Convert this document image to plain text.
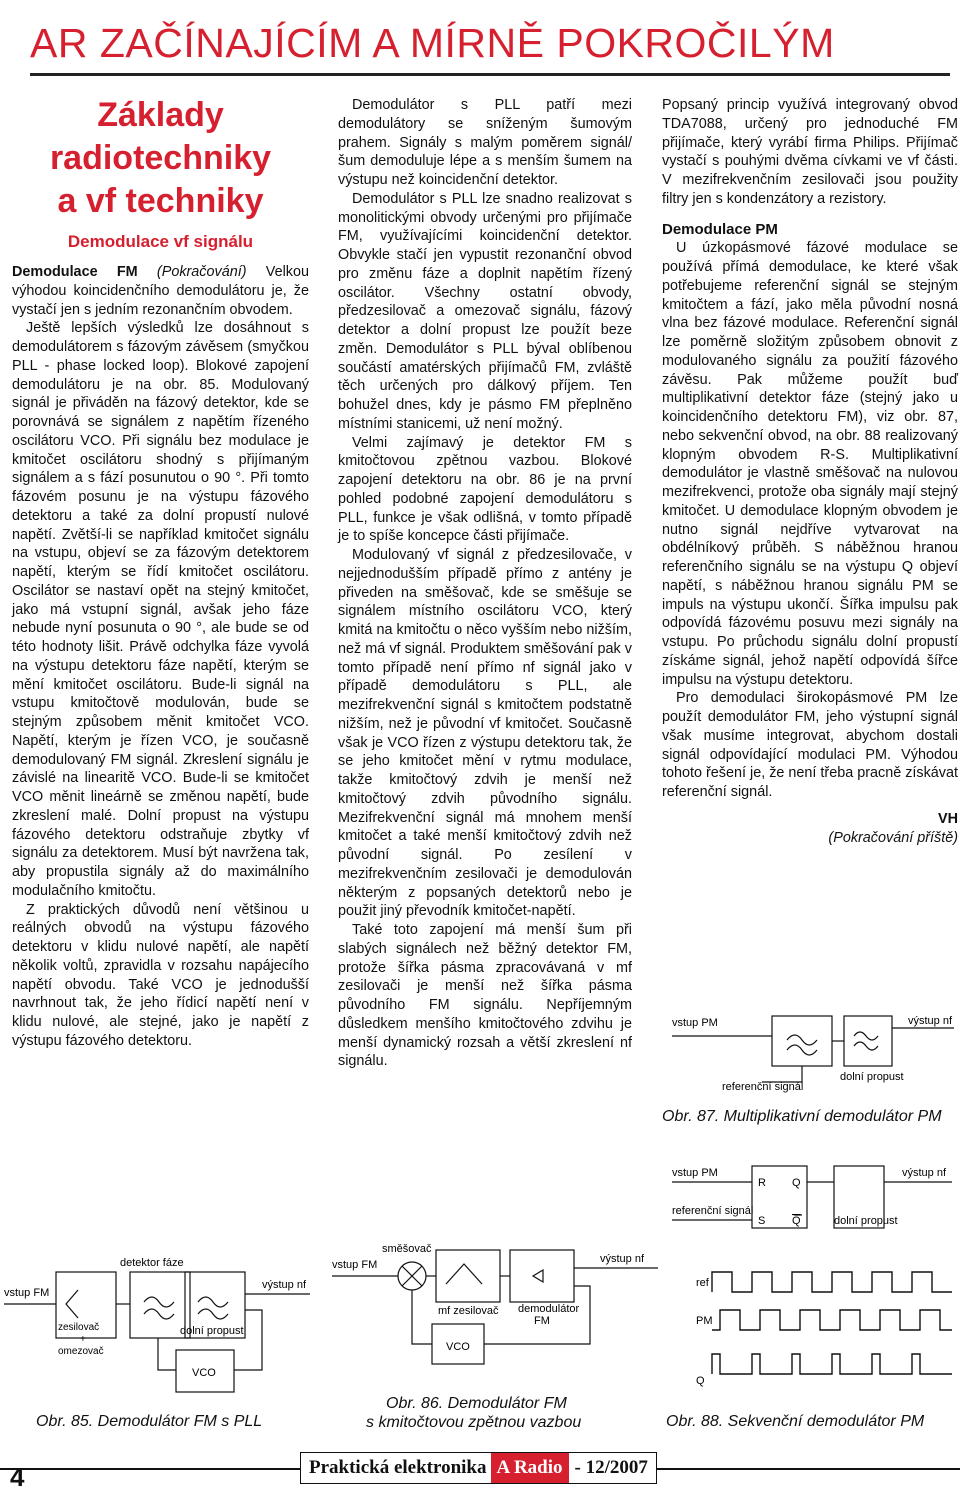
AR ZAČÍNAJÍCÍM A MÍRNĚ POKROČILÝM
Základy
radiotechniky
a vf techniky
Demodulace vf signálu

Demodulace FM (Pokračování) Velkou výhodou koincidenčního demodulátoru je, že vystačí jen s jedním rezonančním obvodem.

Ještě lepších výsledků lze dosáhnout s demodulátorem s fázovým závěsem (smyčkou PLL - phase locked loop). Blokové zapojení demodulátoru je na obr. 85. Modulovaný signál je přiváděn na fázový detektor, kde se porovnává se signálem z napětím řízeného oscilátoru VCO. Při signálu bez modulace je kmitočet oscilátoru shodný s přijímaným signálem a s fází posunutou o 90 °. Při tomto fázovém posunu je na výstupu fázového detektoru a také za dolní propustí nulové napětí. Zvětší-li se například kmitočet signálu na vstupu, objeví se za fázovým detektorem napětí, kterým se řídí kmitočet oscilátoru. Oscilátor se nastaví opět na stejný kmitočet, jako má vstupní signál, avšak jeho fáze nebude nyní posunuta o 90 °, ale bude se od této hodnoty lišit. Právě odchylka fáze vyvolá na výstupu detektoru fáze napětí, kterým se mění kmitočet oscilátoru. Bude-li signál na vstupu kmitočtově modulován, bude se stejným způsobem měnit kmitočet VCO. Napětí, kterým je řízen VCO, je současně demodulovaný FM signál. Zkreslení signálu je závislé na linearitě VCO. Bude-li se kmitočet VCO měnit lineárně se změnou napětí, bude zkreslení malé. Dolní propust na výstupu fázového detektoru odstraňuje zbytky vf signálu za detektorem. Musí být navržena tak, aby propustila signály až do maximálního modulačního kmitočtu.

Z praktických důvodů není většinou u reálných obvodů na výstupu fázového detektoru v klidu nulové napětí, ale napětí několik voltů, zpravidla v rozsahu napájecího napětí obvodu. Také VCO je jednodušší navrhnout tak, že jeho řídicí napětí není v klidu nulové, ale stejné, jako je napětí z výstupu fázového detektoru.

Demodulátor s PLL patří mezi demodulátory se sníženým šumovým prahem. Signály s malým poměrem signál/šum demoduluje lépe a s menším šumem na výstupu než koincidenční detektor.

Demodulátor s PLL lze snadno realizovat s monolitickými obvody určenými pro přijímače FM, využívajícími koincidenční detektor. Obvykle stačí jen vypustit rezonanční obvod pro změnu fáze a doplnit napětím řízený oscilátor. Všechny ostatní obvody, předzesilovač a omezovač signálu, fázový detektor a dolní propust lze použít beze změn. Demodulátor s PLL býval oblíbenou součástí amatérských přijímačů FM, zvláště těch určených pro dálkový příjem. Ten bohužel dnes, kdy je pásmo FM přeplněno místními stanicemi, už není možný.

Velmi zajímavý je detektor FM s kmitočtovou zpětnou vazbou. Blokové zapojení detektoru na obr. 86 je na první pohled podobné zapojení demodulátoru s PLL, funkce je však odlišná, v tomto případě je to spíše koncepce části přijímače.

Modulovaný vf signál z předzesilovače, v nejjednodušším případě přímo z antény je přiveden na směšovač, kde se směšuje se signálem místního oscilátoru VCO, který kmitá na kmitočtu o něco vyšším nebo nižším, než má vf signál. Produktem směšování pak v tomto případě není přímo nf signál jako v případě demodulátoru s PLL, ale mezifrekvenční signál s kmitočtem podstatně nižším, než je původní vf kmitočet. Současně však je VCO řízen z výstupu detektoru tak, že se jeho kmitočet mění v rytmu modulace, takže kmitočtový zdvih je menší než kmitočtový zdvih původního signálu. Mezifrekvenční signál má mnohem menší kmitočet a také menší kmitočtový zdvih než původní signál. Po zesílení v mezifrekvenčním zesilovači je demodulován některým z popsaných detektorů nebo je použit jiný převodník kmitočet-napětí.

Také toto zapojení má menší šum při slabých signálech než běžný detektor FM, protože šířka pásma zpracovávaná v mf zesilovači je menší než šířka pásma původního FM signálu. Nepříjemným důsledkem menšího kmitočtového zdvihu je menší dynamický rozsah a větší zkreslení nf signálu.

Popsaný princip využívá integrovaný obvod TDA7088, určený pro jednoduché FM přijímače, který vyrábí firma Philips. Přijímač vystačí s pouhými dvěma cívkami ve vf části. V mezifrekvenčním zesilovači jsou použity filtry jen s kondenzátory a rezistory.

Demodulace PM

U úzkopásmové fázové modulace se používá přímá demodulace, ke které však potřebujeme referenční signál se stejným kmitočtem a fází, jako měla původní nosná vlna bez fázové modulace. Referenční signál lze poměrně složitým způsobem obnovit z modulovaného signálu za použití fázového závěsu. Pak můžeme použít buď multiplikativní detektor fáze (stejný jako u koincidenčního detektoru FM), viz obr. 87, nebo sekvenční obvod, na obr. 88 realizovaný klopným obvodem R-S. Multiplikativní demodulátor je vlastně směšovač na nulovou mezifrekvenci, protože oba signály mají stejný kmitočet. U demodulace klopným obvodem je nutno signál nejdříve vytvarovat na obdélníkový průběh. S náběžnou hranou referenčního signálu se na výstupu Q objeví napětí, s náběžnou hranou signálu PM se impuls na výstupu ukončí. Šířka impulsu pak odpovídá fázovému posuvu mezi signály na vstupu. Po průchodu signálu dolní propustí získáme signál, jehož napětí odpovídá šířce impulsu na výstupu detektoru.

Pro demodulaci širokopásmové PM lze použít demodulátor FM, jeho výstupní signál však musíme integrovat, abychom dostali signál odpovídající modulaci PM. Výhodou tohoto řešení je, že není třeba pracně získávat referenční signál.

VH

(Pokračování příště)

vstup PM	výstup nf
referenční signál
dolní propust
Obr. 87. Multiplikativní demodulátor PM
vstup PM
referenční signál
R
S
Q
Q	dolní propust
výstup nf
vstup FM
detektor fáze
výstup nf
zesilovač
+
omezovač
dolní propust
VCO
Obr. 85. Demodulátor FM s PLL
směšovač
vstup FM	výstup nf
mf zesilovač demodulátor
FM
VCO
Obr. 86. Demodulátor FM
s kmitočtovou zpětnou vazbou
ref
PM
Q
Obr. 88. Sekvenční demodulátor PM
4	Praktická elektronika A Radio - 12/2007
